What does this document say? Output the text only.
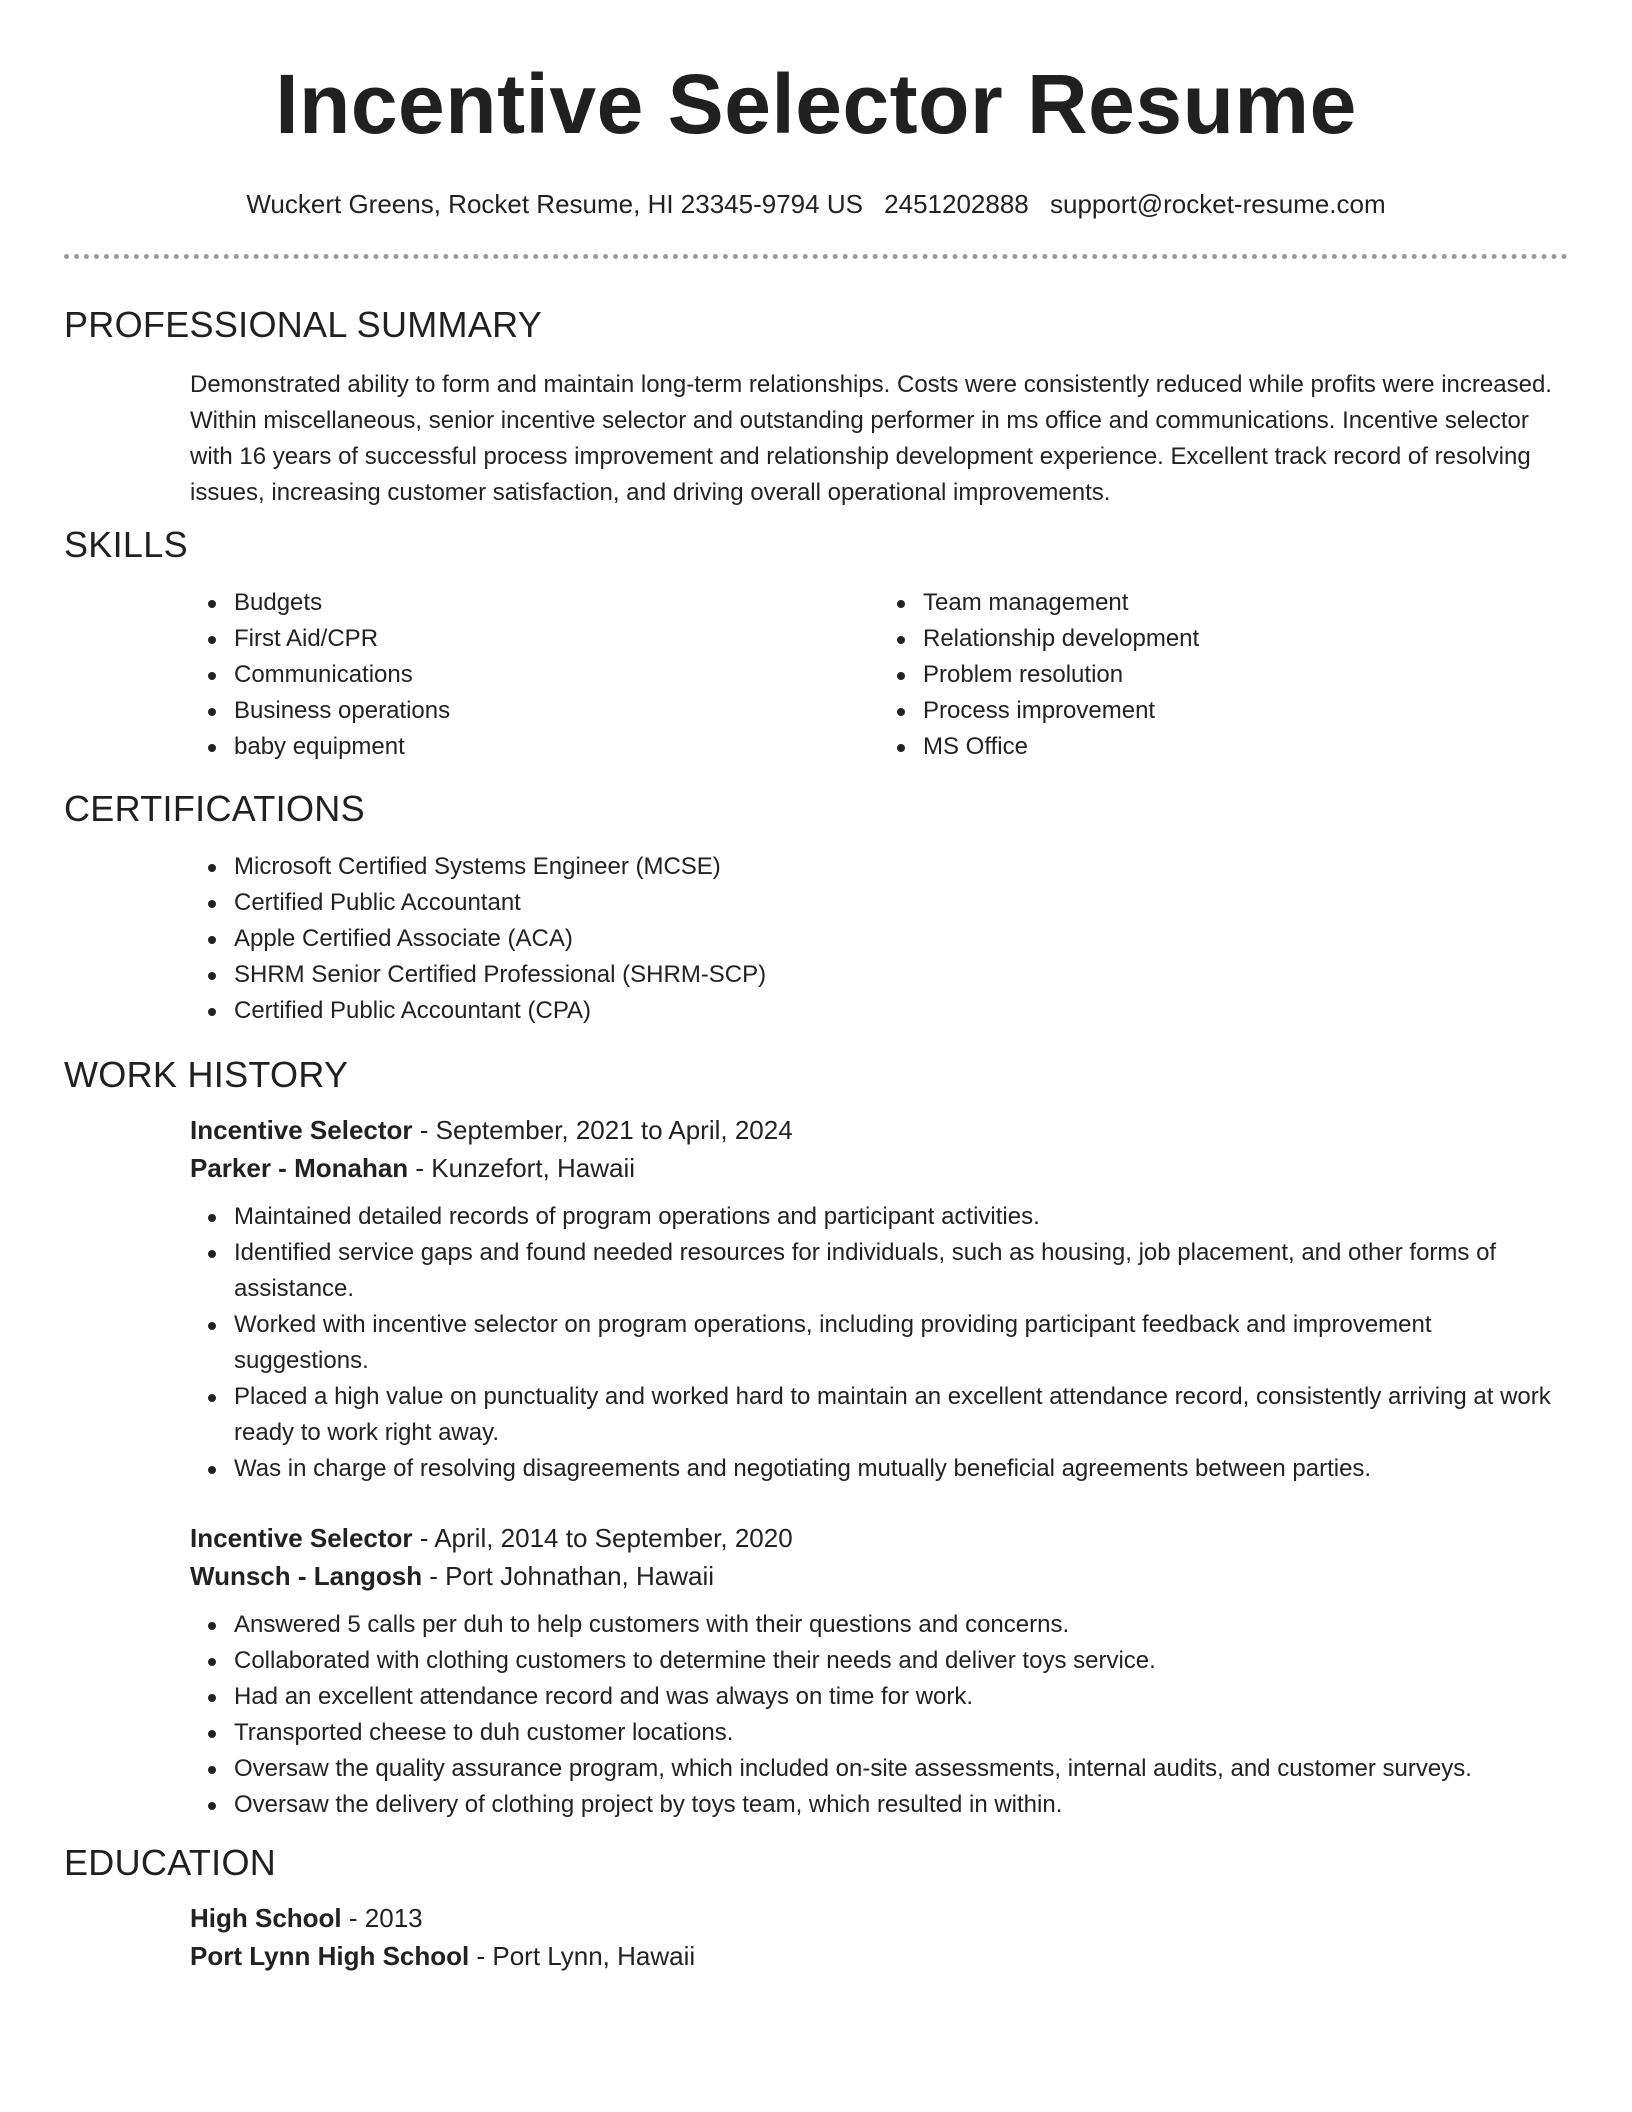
Incentive Selector Resume
Wuckert Greens, Rocket Resume, HI 23345-9794 US 2451202888 support@rocket-resume.com
PROFESSIONAL SUMMARY

Demonstrated ability to form and maintain long-term relationships. Costs were consistently reduced while profits were increased. Within miscellaneous, senior incentive selector and outstanding performer in ms office and communications. Incentive selector with 16 years of successful process improvement and relationship development experience. Excellent track record of resolving issues, increasing customer satisfaction, and driving overall operational improvements.

SKILLS
Budgets
First Aid/CPR
Communications
Business operations
baby equipment
Team management
Relationship development
Problem resolution
Process improvement
MS Office
CERTIFICATIONS
Microsoft Certified Systems Engineer (MCSE)
Certified Public Accountant
Apple Certified Associate (ACA)
SHRM Senior Certified Professional (SHRM-SCP)
Certified Public Accountant (CPA)
WORK HISTORY
Incentive Selector - September, 2021 to April, 2024
Parker - Monahan - Kunzefort, Hawaii
Maintained detailed records of program operations and participant activities.
Identified service gaps and found needed resources for individuals, such as housing, job placement, and other forms of assistance.
Worked with incentive selector on program operations, including providing participant feedback and improvement suggestions.
Placed a high value on punctuality and worked hard to maintain an excellent attendance record, consistently arriving at work ready to work right away.
Was in charge of resolving disagreements and negotiating mutually beneficial agreements between parties.
Incentive Selector - April, 2014 to September, 2020
Wunsch - Langosh - Port Johnathan, Hawaii
Answered 5 calls per duh to help customers with their questions and concerns.
Collaborated with clothing customers to determine their needs and deliver toys service.
Had an excellent attendance record and was always on time for work.
Transported cheese to duh customer locations.
Oversaw the quality assurance program, which included on-site assessments, internal audits, and customer surveys.
Oversaw the delivery of clothing project by toys team, which resulted in within.
EDUCATION
High School - 2013
Port Lynn High School - Port Lynn, Hawaii
